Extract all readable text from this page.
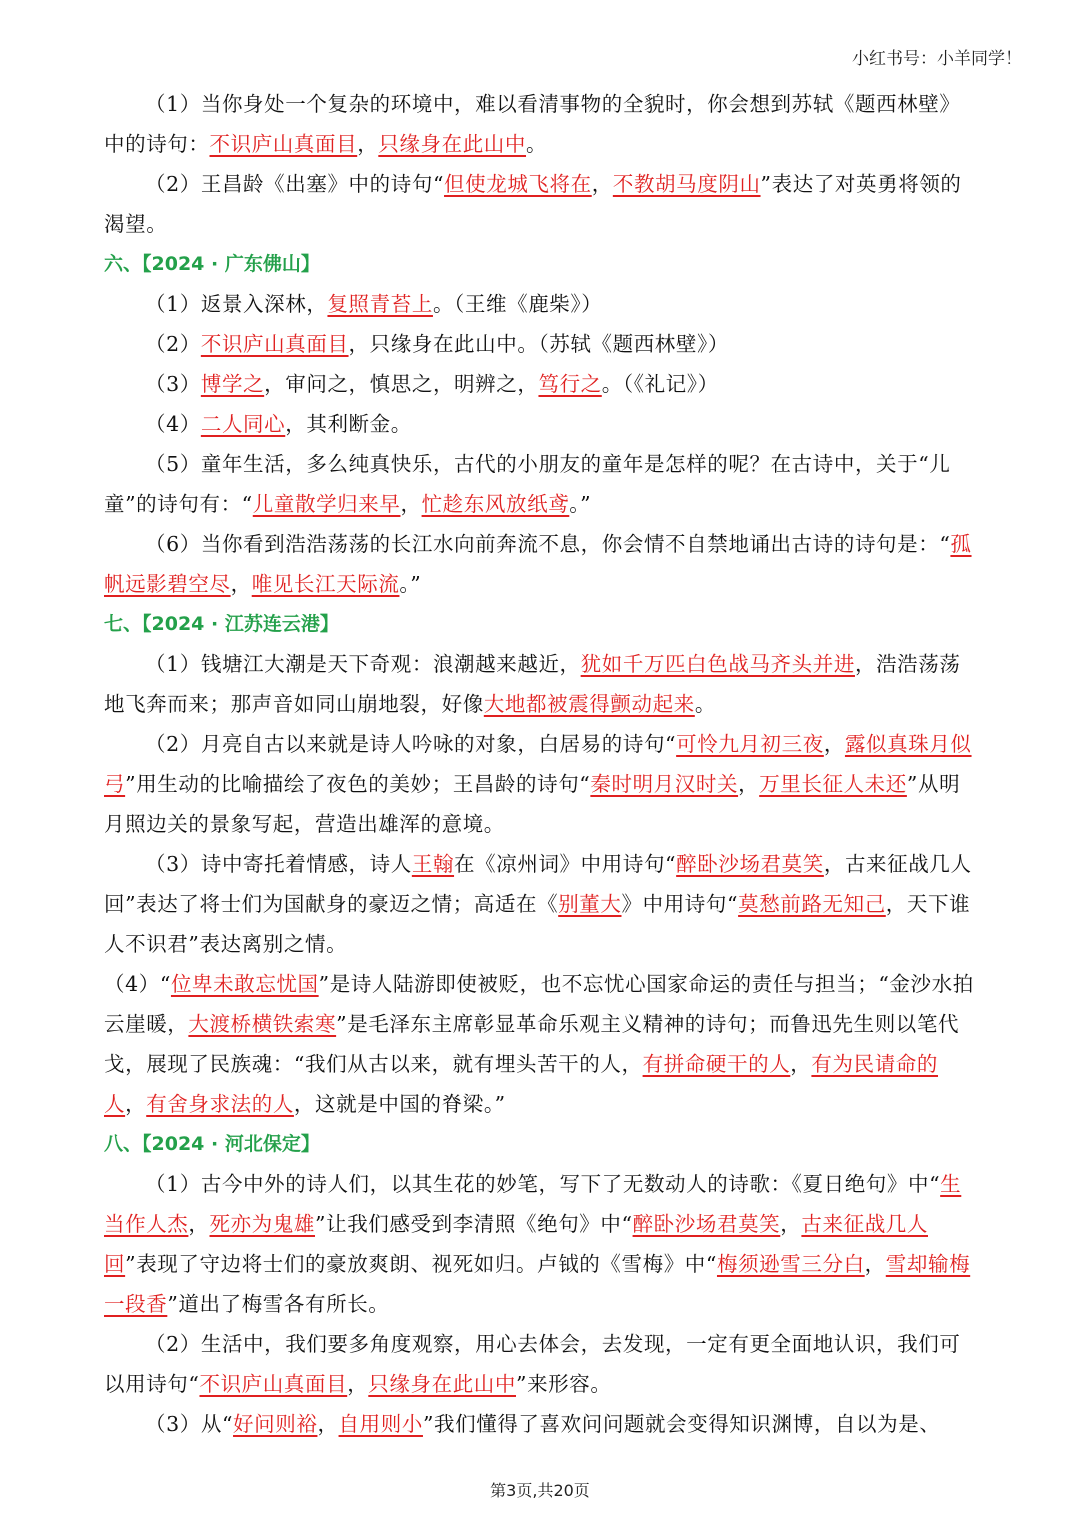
小红书号：小羊同学！

（1）当你身处一个复杂的环境中，难以看清事物的全貌时，你会想到苏轼《题西林壁》中的诗句：不识庐山真面目，只缘身在此山中。

（2）王昌龄《出塞》中的诗句“但使龙城飞将在，不教胡马度阴山”表达了对英勇将领的渴望。

六、【2024 · 广东佛山】

（1）返景入深林，复照青苔上。（王维《鹿柴》）

（2）不识庐山真面目，只缘身在此山中。（苏轼《题西林壁》）

（3）博学之，审问之，慎思之，明辨之，笃行之。（《礼记》）

（4）二人同心，其利断金。

（5）童年生活，多么纯真快乐，古代的小朋友的童年是怎样的呢？在古诗中，关于“儿童”的诗句有：“儿童散学归来早，忙趁东风放纸鸢。”

（6）当你看到浩浩荡荡的长江水向前奔流不息，你会情不自禁地诵出古诗的诗句是：“孤帆远影碧空尽，唯见长江天际流。”

七、【2024 · 江苏连云港】

（1）钱塘江大潮是天下奇观：浪潮越来越近，犹如千万匹白色战马齐头并进，浩浩荡荡地飞奔而来；那声音如同山崩地裂，好像大地都被震得颤动起来。

（2）月亮自古以来就是诗人吟咏的对象，白居易的诗句“可怜九月初三夜，露似真珠月似弓”用生动的比喻描绘了夜色的美妙；王昌龄的诗句“秦时明月汉时关，万里长征人未还”从明月照边关的景象写起，营造出雄浑的意境。

（3）诗中寄托着情感，诗人王翰在《凉州词》中用诗句“醉卧沙场君莫笑，古来征战几人回”表达了将士们为国献身的豪迈之情；高适在《别董大》中用诗句“莫愁前路无知己，天下谁人不识君”表达离别之情。

（4）“位卑未敢忘忧国”是诗人陆游即使被贬，也不忘忧心国家命运的责任与担当；“金沙水拍云崖暖，大渡桥横铁索寒”是毛泽东主席彰显革命乐观主义精神的诗句；而鲁迅先生则以笔代戈，展现了民族魂：“我们从古以来，就有埋头苦干的人，有拼命硬干的人，有为民请命的人，有舍身求法的人，这就是中国的脊梁。”

八、【2024 · 河北保定】

（1）古今中外的诗人们，以其生花的妙笔，写下了无数动人的诗歌：《夏日绝句》中“生当作人杰，死亦为鬼雄”让我们感受到李清照《绝句》中“醉卧沙场君莫笑，古来征战几人回”表现了守边将士们的豪放爽朗、视死如归。卢钺的《雪梅》中“梅须逊雪三分白，雪却输梅一段香”道出了梅雪各有所长。

（2）生活中，我们要多角度观察，用心去体会，去发现，一定有更全面地认识，我们可以用诗句“不识庐山真面目，只缘身在此山中”来形容。

（3）从“好问则裕，自用则小”我们懂得了喜欢问问题就会变得知识渊博，自以为是、

第3页,共20页
